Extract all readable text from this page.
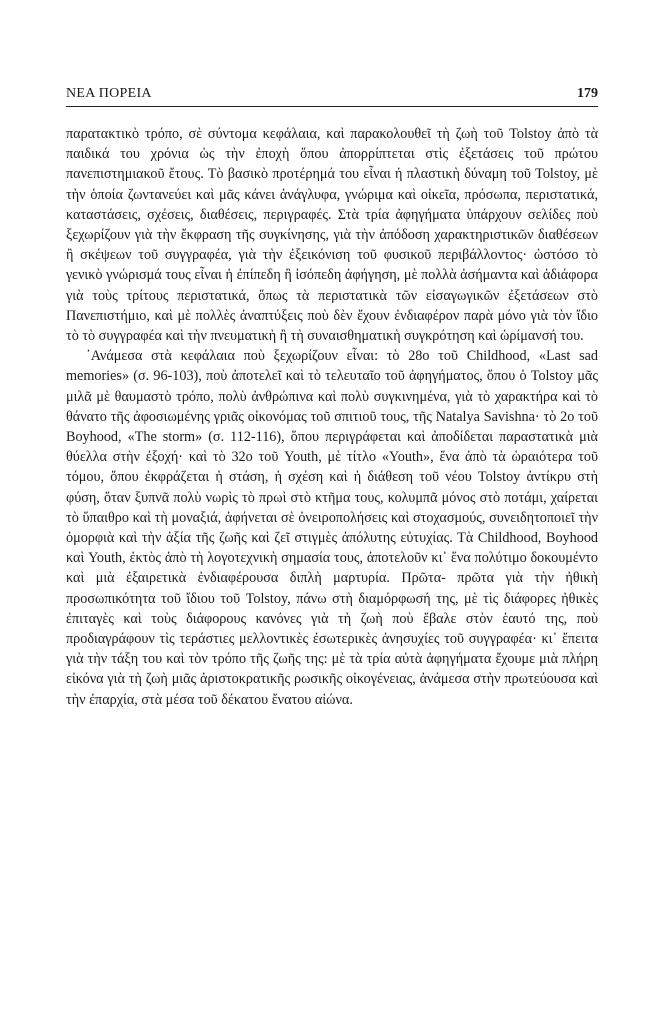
ΝΕΑ ΠΟΡΕΙΑ	179

παρατακτικὸ τρόπο, σὲ σύντομα κεφάλαια, καὶ παρακολουθεῖ τὴ ζωὴ τοῦ Tolstoy ἀπὸ τὰ παιδικά του χρόνια ὡς τὴν ἐποχὴ ὅπου ἀπορρίπτεται στὶς ἐξετάσεις τοῦ πρώτου πανεπιστημιακοῦ ἔτους. Τὸ βασικὸ προτέρημά του εἶναι ἡ πλαστικὴ δύναμη τοῦ Tolstoy, μὲ τὴν ὁποία ζωντανεύει καὶ μᾶς κάνει ἀνάγλυφα, γνώριμα καὶ οἰκεῖα, πρόσωπα, περιστατικά, καταστάσεις, σχέσεις, διαθέσεις, περιγραφές. Στὰ τρία ἀφηγήματα ὑπάρχουν σελίδες ποὺ ξεχωρίζουν γιὰ τὴν ἔκφραση τῆς συγκίνησης, γιὰ τὴν ἀπόδοση χαρακτηριστικῶν διαθέσεων ἢ σκέψεων τοῦ συγγραφέα, γιὰ τὴν ἐξεικόνιση τοῦ φυσικοῦ περιβάλλοντος· ὡστόσο τὸ γενικὸ γνώρισμά τους εἶναι ἡ ἐπίπεδη ἢ ἰσόπεδη ἀφήγηση, μὲ πολλὰ ἀσήμαντα καὶ ἀδιάφορα γιὰ τοὺς τρίτους περιστατικά, ὅπως τὰ περιστατικὰ τῶν εἰσαγωγικῶν ἐξετάσεων στὸ Πανεπιστήμιο, καὶ μὲ πολλὲς ἀναπτύξεις ποὺ δὲν ἔχουν ἐνδιαφέρον παρὰ μόνο γιὰ τὸν ἴδιο τὸ τὸ συγγραφέα καὶ τὴν πνευματικὴ ἢ τὴ συναισθηματικὴ συγκρότηση καὶ ὡρίμανσή του.

᾿Ανάμεσα στὰ κεφάλαια ποὺ ξεχωρίζουν εἶναι: τὸ 28ο τοῦ Childhood, «Last sad memories» (σ. 96-103), ποὺ ἀποτελεῖ καὶ τὸ τελευταῖο τοῦ ἀφηγήματος, ὅπου ὁ Tolstoy μᾶς μιλᾶ μὲ θαυμαστὸ τρόπο, πολὺ ἀνθρώπινα καὶ πολὺ συγκινημένα, γιὰ τὸ χαρακτήρα καὶ τὸ θάνατο τῆς ἀφοσιωμένης γριᾶς οἰκονόμας τοῦ σπιτιοῦ τους, τῆς Natalya Savishna· τὸ 2ο τοῦ Boyhood, «The storm» (σ. 112-116), ὅπου περιγράφεται καὶ ἀποδίδεται παραστατικὰ μιὰ θύελλα στὴν ἐξοχή· καὶ τὸ 32ο τοῦ Youth, μὲ τίτλο «Youth», ἕνα ἀπὸ τὰ ὡραιότερα τοῦ τόμου, ὅπου ἐκφράζεται ἡ στάση, ἡ σχέση καὶ ἡ διάθεση τοῦ νέου Tolstoy ἀντίκρυ στὴ φύση, ὅταν ξυπνᾶ πολὺ νωρὶς τὸ πρωὶ στὸ κτῆμα τους, κολυμπᾶ μόνος στὸ ποτάμι, χαίρεται τὸ ὕπαιθρο καὶ τὴ μοναξιά, ἀφήνεται σὲ ὀνειροπολήσεις καὶ στοχασμούς, συνειδητοποιεῖ τὴν ὀμορφιὰ καὶ τὴν ἀξία τῆς ζωῆς καὶ ζεῖ στιγμὲς ἀπόλυτης εὐτυχίας. Τὰ Childhood, Boyhood καὶ Youth, ἐκτὸς ἀπὸ τὴ λογοτεχνικὴ σημασία τους, ἀποτελοῦν κι᾿ ἕνα πολύτιμο δοκουμέντο καὶ μιὰ ἐξαιρετικὰ ἐνδιαφέρουσα διπλὴ μαρτυρία. Πρῶτα- πρῶτα γιὰ τὴν ἠθικὴ προσωπικότητα τοῦ ἴδιου τοῦ Tolstoy, πάνω στὴ διαμόρφωσή της, μὲ τὶς διάφορες ἠθικὲς ἐπιταγὲς καὶ τοὺς διάφορους κανόνες γιὰ τὴ ζωὴ ποὺ ἔβαλε στὸν ἑαυτό της, ποὺ προδιαγράφουν τὶς τεράστιες μελλοντικὲς ἐσωτερικὲς ἀνησυχίες τοῦ συγγραφέα· κι᾿ ἔπειτα γιὰ τὴν τάξη του καὶ τὸν τρόπο τῆς ζωῆς της: μὲ τὰ τρία αὐτὰ ἀφηγήματα ἔχουμε μιὰ πλήρη εἰκόνα γιὰ τὴ ζωὴ μιᾶς ἀριστοκρατικῆς ρωσικῆς οἰκογένειας, ἀνάμεσα στὴν πρωτεύουσα καὶ τὴν ἐπαρχία, στὰ μέσα τοῦ δέκατου ἔνατου αἰώνα.
